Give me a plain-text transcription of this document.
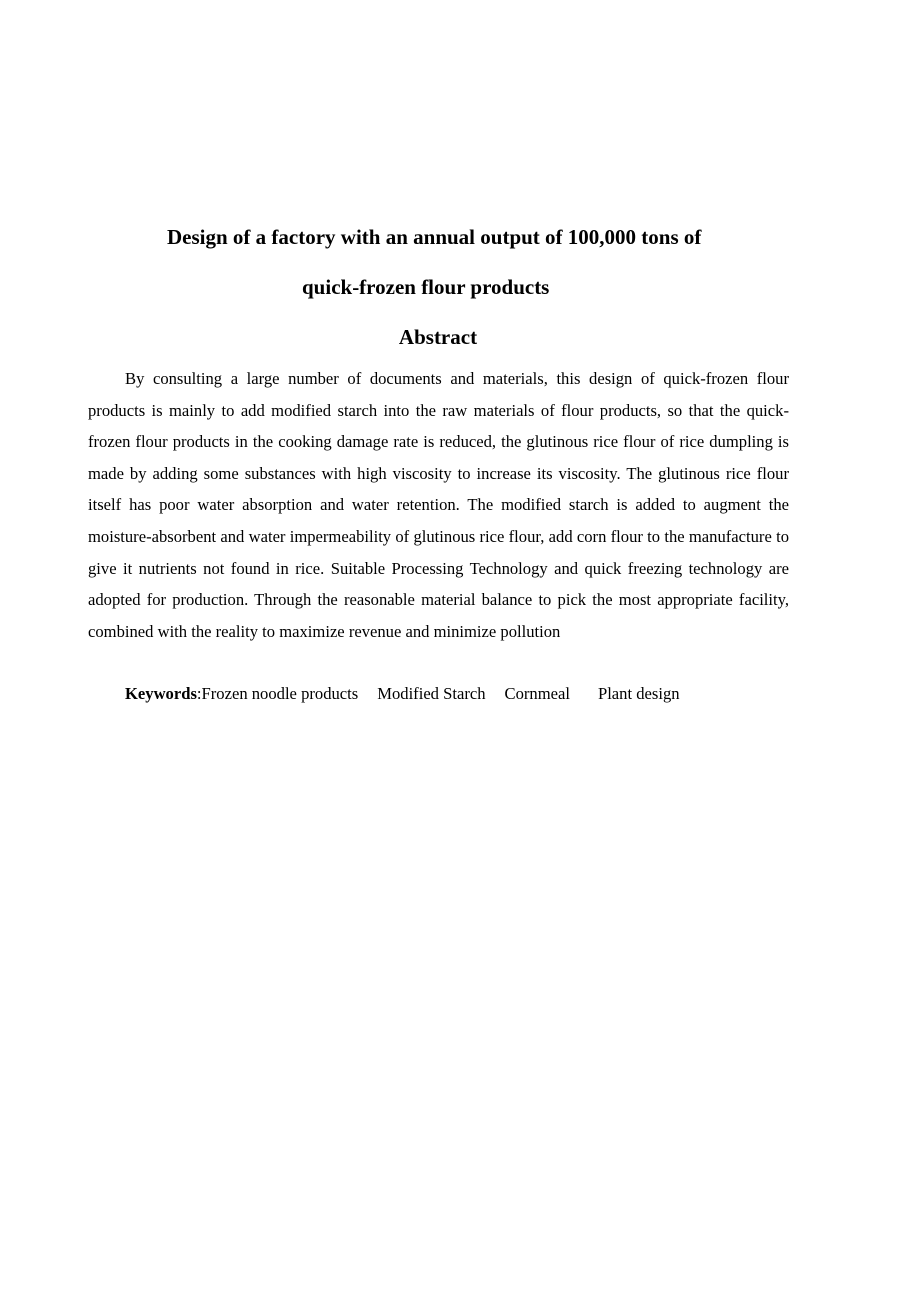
Design of a factory with an annual output of 100,000 tons of
quick-frozen flour products
Abstract

By consulting a large number of documents and materials, this design of quick-frozen flour products is mainly to add modified starch into the raw materials of flour products, so that the quick-frozen flour products in the cooking damage rate is reduced, the glutinous rice flour of rice dumpling is made by adding some substances with high viscosity to increase its viscosity. The glutinous rice flour itself has poor water absorption and water retention. The modified starch is added to augment the moisture-absorbent and water impermeability of glutinous rice flour, add corn flour to the manufacture to give it nutrients not found in rice. Suitable Processing Technology and quick freezing technology are adopted for production. Through the reasonable material balance to pick the most appropriate facility, combined with the reality to maximize revenue and minimize pollution

Keywords:Frozen noodle products Modified Starch Cornmeal Plant design
